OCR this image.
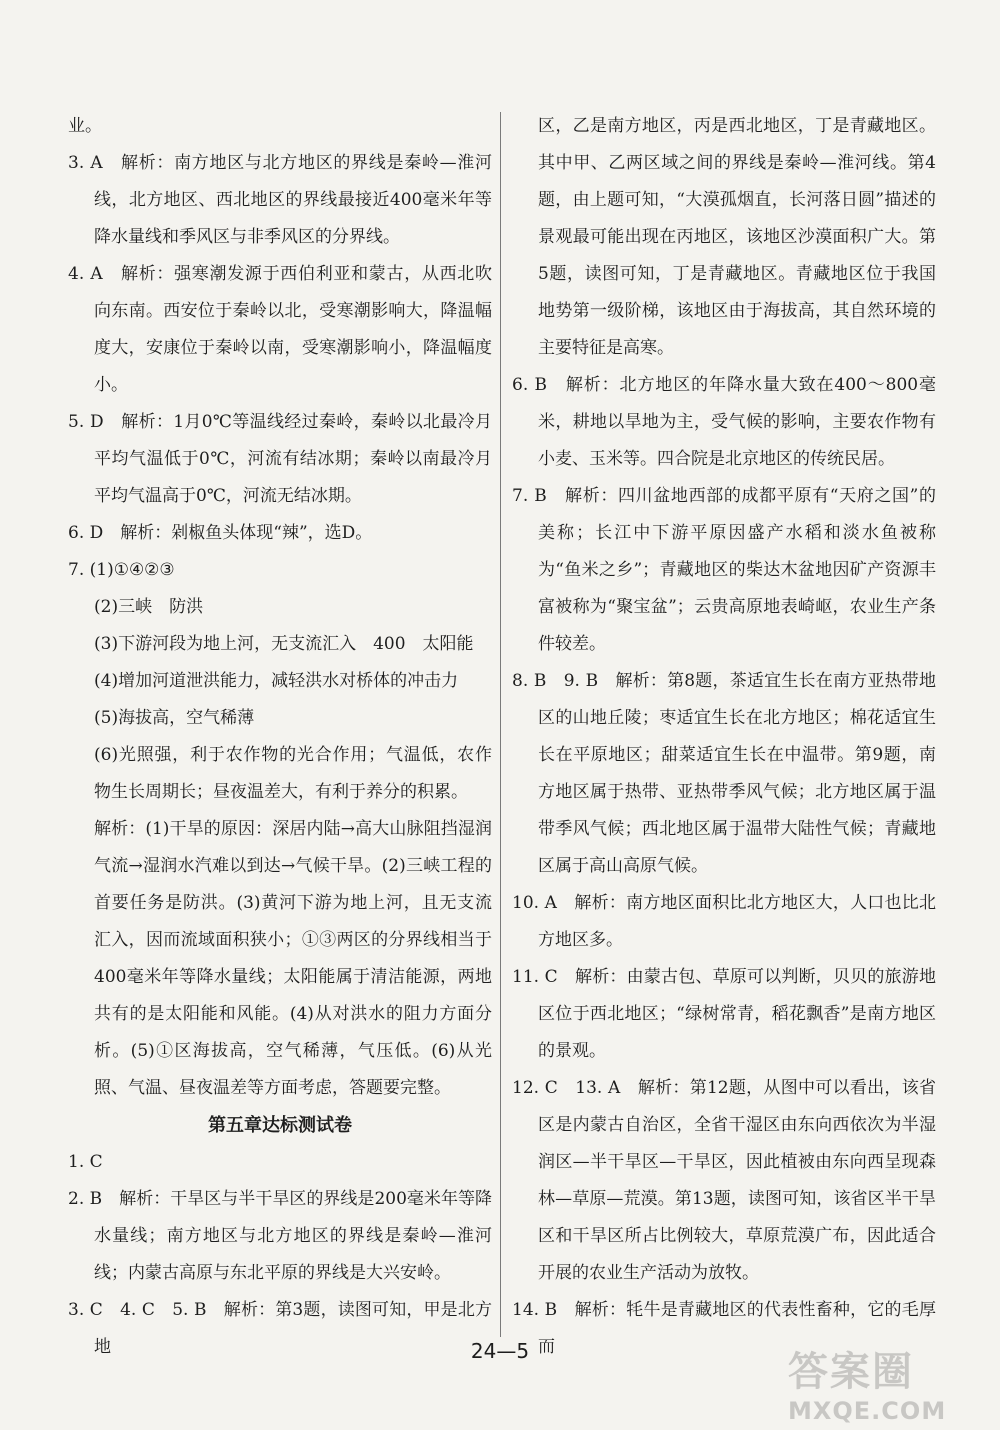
业。

3. A　解析：南方地区与北方地区的界线是秦岭—淮河线，北方地区、西北地区的界线最接近400毫米年等降水量线和季风区与非季风区的分界线。

4. A　解析：强寒潮发源于西伯利亚和蒙古，从西北吹向东南。西安位于秦岭以北，受寒潮影响大，降温幅度大，安康位于秦岭以南，受寒潮影响小，降温幅度小。

5. D　解析：1月0℃等温线经过秦岭，秦岭以北最冷月平均气温低于0℃，河流有结冰期；秦岭以南最冷月平均气温高于0℃，河流无结冰期。

6. D　解析：剁椒鱼头体现“辣”，选D。

7. (1)①④②③

(2)三峡　防洪

(3)下游河段为地上河，无支流汇入　400　太阳能

(4)增加河道泄洪能力，减轻洪水对桥体的冲击力

(5)海拔高，空气稀薄

(6)光照强，利于农作物的光合作用；气温低，农作物生长周期长；昼夜温差大，有利于养分的积累。

解析：(1)干旱的原因：深居内陆→高大山脉阻挡湿润气流→湿润水汽难以到达→气候干旱。(2)三峡工程的首要任务是防洪。(3)黄河下游为地上河，且无支流汇入，因而流域面积狭小；①③两区的分界线相当于400毫米年等降水量线；太阳能属于清洁能源，两地共有的是太阳能和风能。(4)从对洪水的阻力方面分析。(5)①区海拔高，空气稀薄，气压低。(6)从光照、气温、昼夜温差等方面考虑，答题要完整。

第五章达标测试卷

1. C

2. B　解析：干旱区与半干旱区的界线是200毫米年等降水量线；南方地区与北方地区的界线是秦岭—淮河线；内蒙古高原与东北平原的界线是大兴安岭。

3. C　4. C　5. B　解析：第3题，读图可知，甲是北方地

区，乙是南方地区，丙是西北地区，丁是青藏地区。其中甲、乙两区域之间的界线是秦岭—淮河线。第4题，由上题可知，“大漠孤烟直，长河落日圆”描述的景观最可能出现在丙地区，该地区沙漠面积广大。第5题，读图可知，丁是青藏地区。青藏地区位于我国地势第一级阶梯，该地区由于海拔高，其自然环境的主要特征是高寒。

6. B　解析：北方地区的年降水量大致在400～800毫米，耕地以旱地为主，受气候的影响，主要农作物有小麦、玉米等。四合院是北京地区的传统民居。

7. B　解析：四川盆地西部的成都平原有“天府之国”的美称；长江中下游平原因盛产水稻和淡水鱼被称为“鱼米之乡”；青藏地区的柴达木盆地因矿产资源丰富被称为“聚宝盆”；云贵高原地表崎岖，农业生产条件较差。

8. B　9. B　解析：第8题，茶适宜生长在南方亚热带地区的山地丘陵；枣适宜生长在北方地区；棉花适宜生长在平原地区；甜菜适宜生长在中温带。第9题，南方地区属于热带、亚热带季风气候；北方地区属于温带季风气候；西北地区属于温带大陆性气候；青藏地区属于高山高原气候。

10. A　解析：南方地区面积比北方地区大，人口也比北方地区多。

11. C　解析：由蒙古包、草原可以判断，贝贝的旅游地区位于西北地区；“绿树常青，稻花飘香”是南方地区的景观。

12. C　13. A　解析：第12题，从图中可以看出，该省区是内蒙古自治区，全省干湿区由东向西依次为半湿润区—半干旱区—干旱区，因此植被由东向西呈现森林—草原—荒漠。第13题，读图可知，该省区半干旱区和干旱区所占比例较大，草原荒漠广布，因此适合开展的农业生产活动为放牧。

14. B　解析：牦牛是青藏地区的代表性畜种，它的毛厚而

24—5	答案圈
MXQE.COM
